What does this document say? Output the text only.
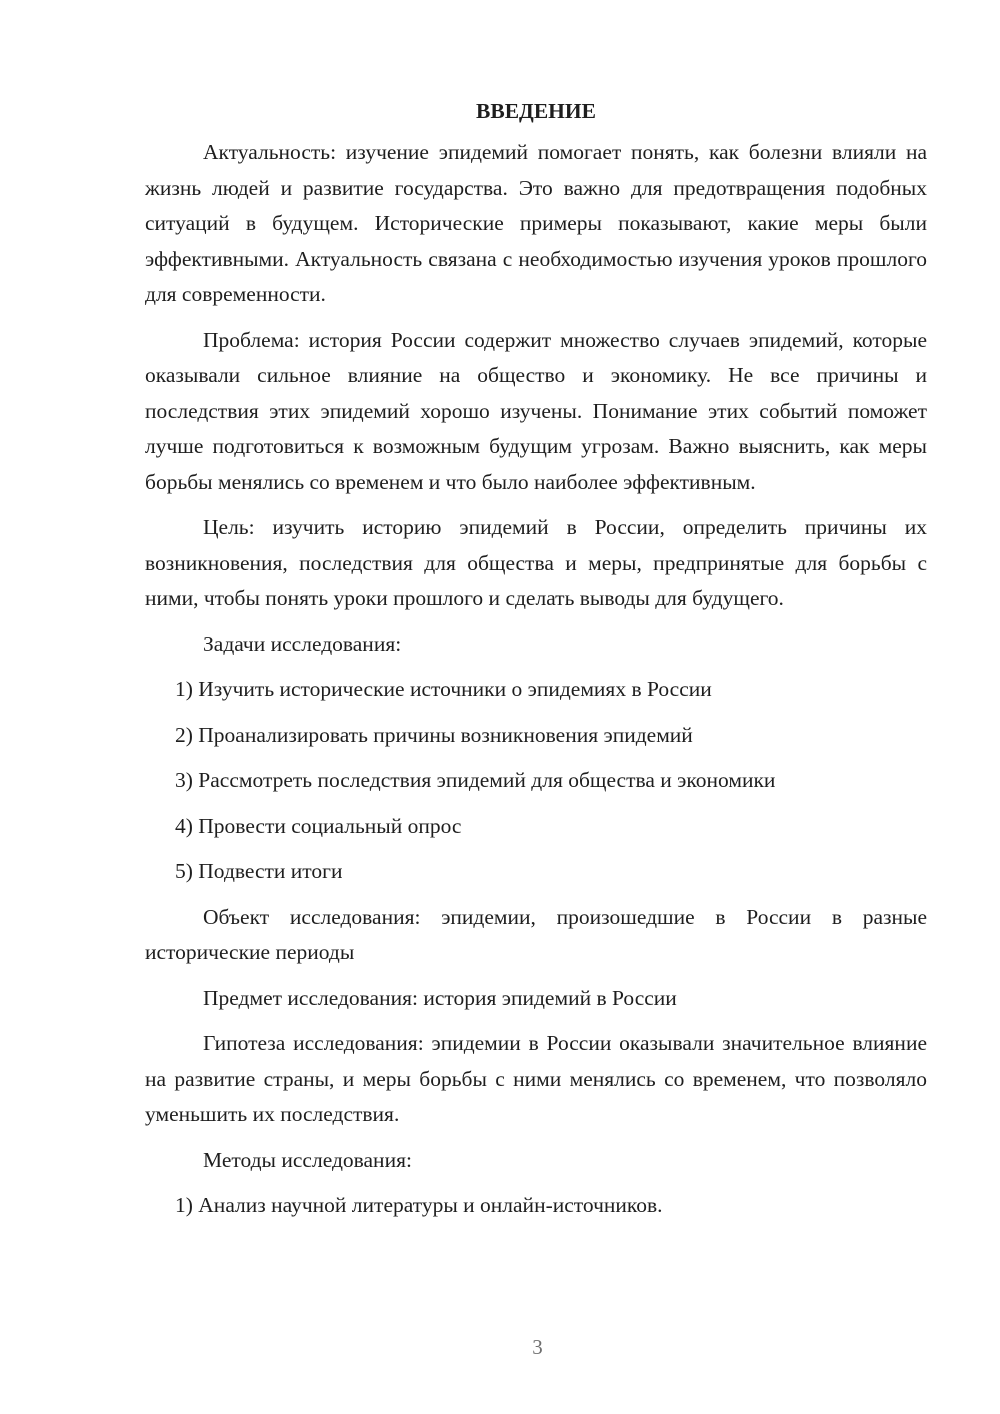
ВВЕДЕНИЕ

Актуальность: изучение эпидемий помогает понять, как болезни влияли на жизнь людей и развитие государства. Это важно для предотвращения подобных ситуаций в будущем. Исторические примеры показывают, какие меры были эффективными. Актуальность связана с необходимостью изучения уроков прошлого для современности.

Проблема: история России содержит множество случаев эпидемий, которые оказывали сильное влияние на общество и экономику. Не все причины и последствия этих эпидемий хорошо изучены. Понимание этих событий поможет лучше подготовиться к возможным будущим угрозам. Важно выяснить, как меры борьбы менялись со временем и что было наиболее эффективным.

Цель: изучить историю эпидемий в России, определить причины их возникновения, последствия для общества и меры, предпринятые для борьбы с ними, чтобы понять уроки прошлого и сделать выводы для будущего.

Задачи исследования:

1) Изучить исторические источники о эпидемиях в России

2) Проанализировать причины возникновения эпидемий

3) Рассмотреть последствия эпидемий для общества и экономики

4) Провести социальный опрос

5) Подвести итоги

Объект исследования: эпидемии, произошедшие в России в разные исторические периоды

Предмет исследования: история эпидемий в России

Гипотеза исследования: эпидемии в России оказывали значительное влияние на развитие страны, и меры борьбы с ними менялись со временем, что позволяло уменьшить их последствия.

Методы исследования:

1) Анализ научной литературы и онлайн-источников.

3
